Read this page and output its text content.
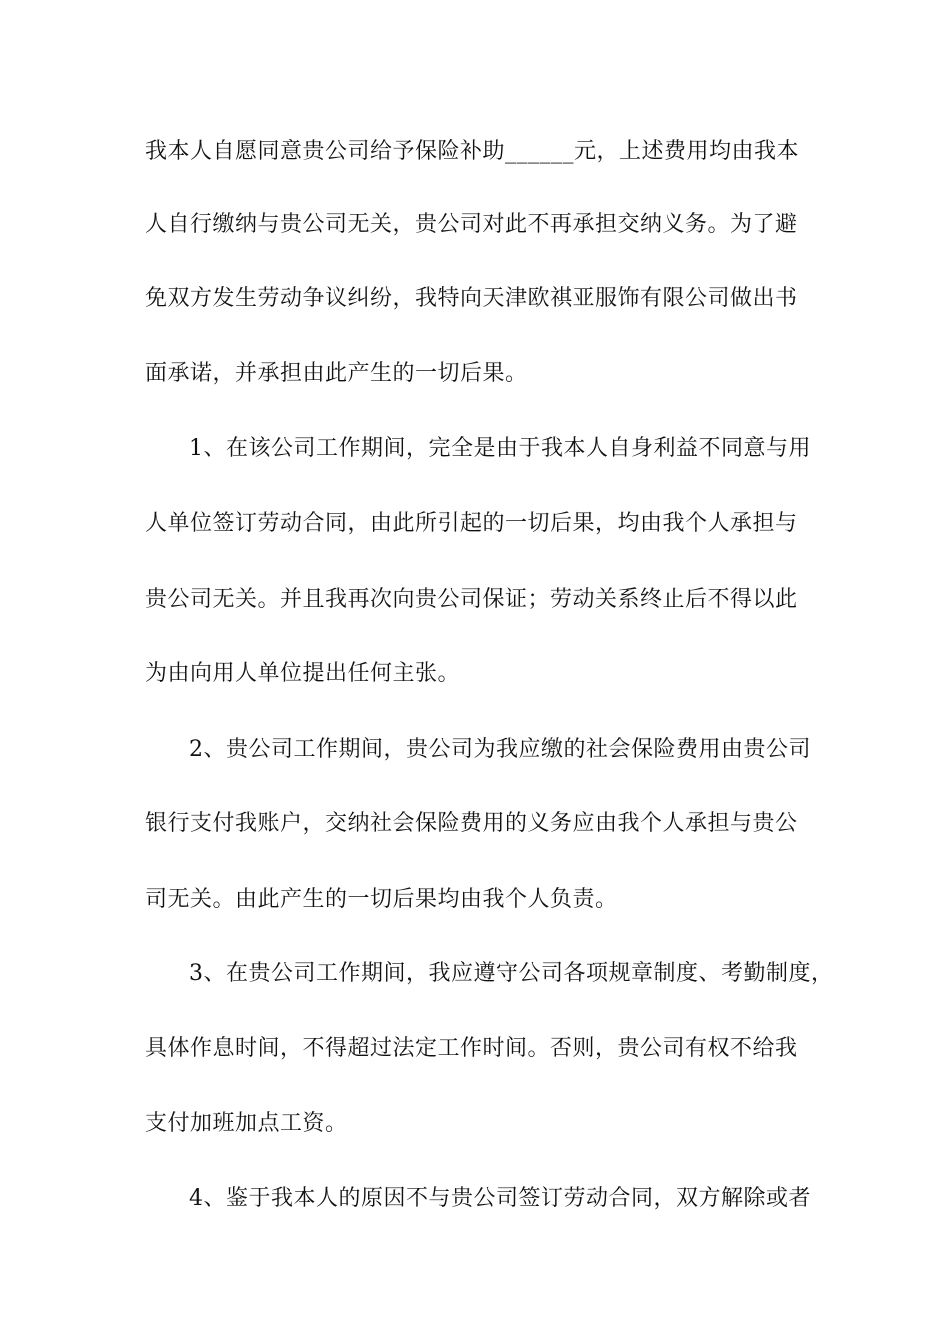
我本人自愿同意贵公司给予保险补助______元，上述费用均由我本
人自行缴纳与贵公司无关，贵公司对此不再承担交纳义务。为了避
免双方发生劳动争议纠纷，我特向天津欧祺亚服饰有限公司做出书
面承诺，并承担由此产生的一切后果。
1、在该公司工作期间，完全是由于我本人自身利益不同意与用
人单位签订劳动合同，由此所引起的一切后果，均由我个人承担与
贵公司无关。并且我再次向贵公司保证；劳动关系终止后不得以此
为由向用人单位提出任何主张。
2、贵公司工作期间，贵公司为我应缴的社会保险费用由贵公司
银行支付我账户，交纳社会保险费用的义务应由我个人承担与贵公
司无关。由此产生的一切后果均由我个人负责。
3、在贵公司工作期间，我应遵守公司各项规章制度、考勤制度，
具体作息时间，不得超过法定工作时间。否则，贵公司有权不给我
支付加班加点工资。
4、鉴于我本人的原因不与贵公司签订劳动合同，双方解除或者
